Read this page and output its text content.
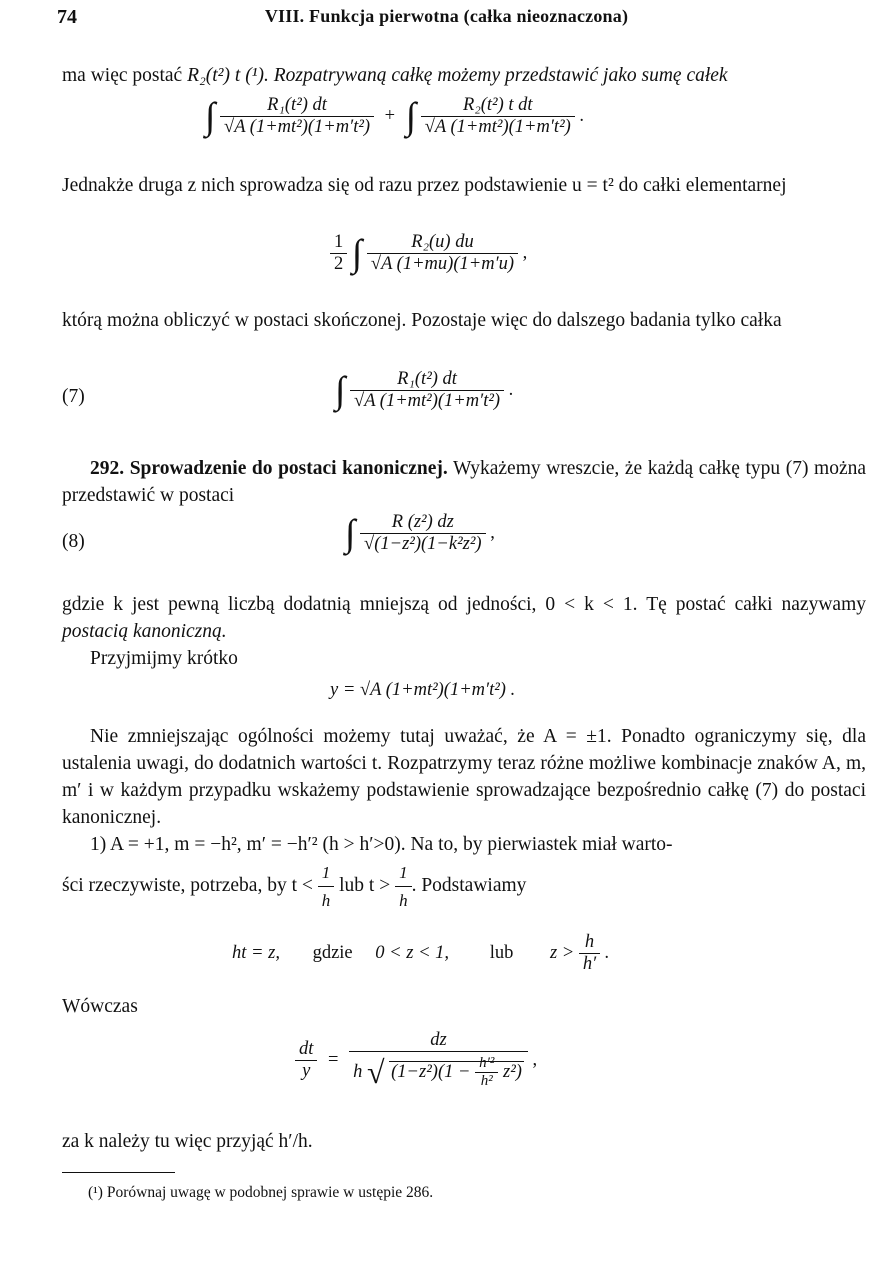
74	VIII. Funkcja pierwotna (całka nieoznaczona)
ma więc postać R₂(t²) t (¹). Rozpatrywaną całkę możemy przedstawić jako sumę całek
∫ $\frac{\text{R₁(t²) dt}}{\text{√A (1+mt²)(1+m′t²)}}$ + ∫ $\frac{\text{R₂(t²) t dt}}{\text{√A (1+mt²)(1+m′t²)}}$ .
Jednakże druga z nich sprowadza się od razu przez podstawienie u = t² do całki elementarnej
$\frac{1}{2}$ ∫ $\frac{\text{R₂(u) du}}{√A (1+mu)(1+m'u)}$ ,
którą można obliczyć w postaci skończonej. Pozostaje więc do dalszego badania tylko całka
(7)	∫ $\frac{\text{R₁(t²) dt}}{\text{√A (1+mt²)(1+m′t²)}}$ .
292. Sprowadzenie do postaci kanonicznej. Wykażemy wreszcie, że każdą całkę typu (7) można przedstawić w postaci
(8)	∫ $\frac{\text{R (z²) dz}}{\text{√(1−z²)(1−k²z²)}}$ ,
gdzie k jest pewną liczbą dodatnią mniejszą od jedności, 0 < k < 1. Tę postać całki nazywamy postacią kanoniczną.
Przyjmijmy krótko
y = √A (1+mt²)(1+m′t²) .
Nie zmniejszając ogólności możemy tutaj uważać, że A = ±1. Ponadto ograniczymy się, dla ustalenia uwagi, do dodatnich wartości t. Rozpatrzymy teraz różne możliwe kombinacje znaków A, m, m′ i w każdym przypadku wskażemy podstawienie sprowadzające bezpośrednio całkę (7) do postaci kanonicznej.
1) A = +1, m = −h², m′ = −h′² (h > h′>0). Na to, by pierwiastek miał warto-
ści rzeczywiste, potrzeba, by $t < \frac{1}{h}$ lub $t > \frac{1}{h}$ . Podstawiamy
ht = z, gdzie 0 < z < 1, lub $z > \frac{h}{h'}$ .
Wówczas
$\frac{dt}{y} = \frac{dz}{h √ (1-z^2)(1 - \frac{\text{h′²}}{\text{h²}} z^2)}$ ,
za k należy tu więc przyjąć h′/h.
(¹) Porównaj uwagę w podobnej sprawie w ustępie 286.
